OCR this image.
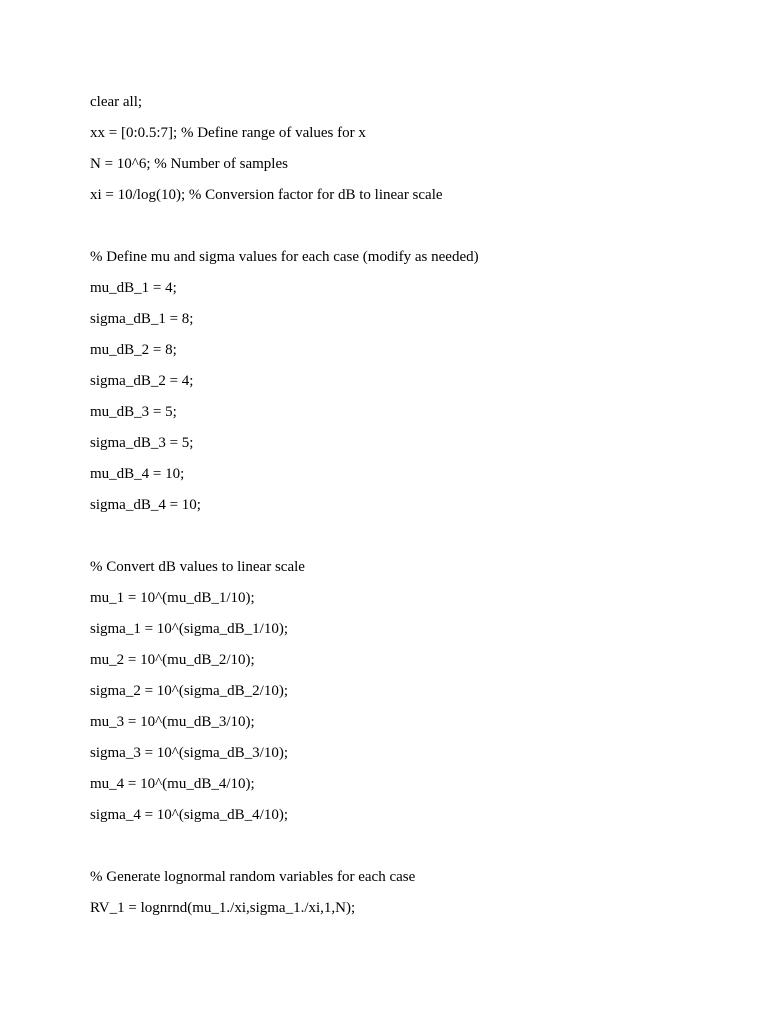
clear all;
xx = [0:0.5:7]; % Define range of values for x
N = 10^6; % Number of samples
xi = 10/log(10); % Conversion factor for dB to linear scale
% Define mu and sigma values for each case (modify as needed)
mu_dB_1 = 4;
sigma_dB_1 = 8;
mu_dB_2 = 8;
sigma_dB_2 = 4;
mu_dB_3 = 5;
sigma_dB_3 = 5;
mu_dB_4 = 10;
sigma_dB_4 = 10;
% Convert dB values to linear scale
mu_1 = 10^(mu_dB_1/10);
sigma_1 = 10^(sigma_dB_1/10);
mu_2 = 10^(mu_dB_2/10);
sigma_2 = 10^(sigma_dB_2/10);
mu_3 = 10^(mu_dB_3/10);
sigma_3 = 10^(sigma_dB_3/10);
mu_4 = 10^(mu_dB_4/10);
sigma_4 = 10^(sigma_dB_4/10);
% Generate lognormal random variables for each case
RV_1 = lognrnd(mu_1./xi,sigma_1./xi,1,N);
